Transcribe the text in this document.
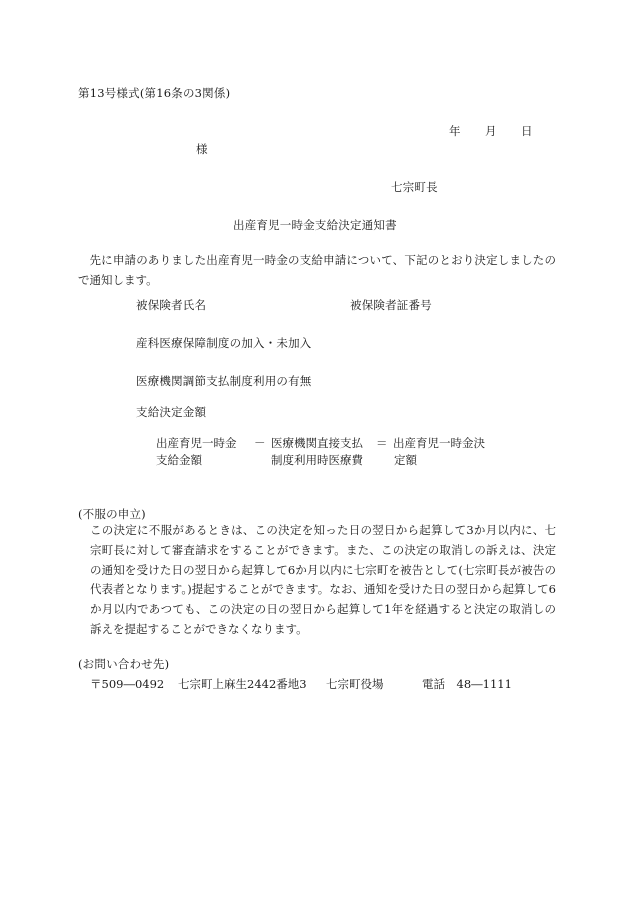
第13号様式(第16条の3関係)

年 月 日

様

七宗町長

出産育児一時金支給決定通知書

先に申請のありました出産育児一時金の支給申請について、下記のとおり決定しましたので通知します。

被保険者氏名	被保険者証番号

産科医療保障制度の加入・未加入

医療機関調節支払制度利用の有無

支給決定金額

出産育児一時金	－ 医療機関直接支払	＝ 出産育児一時金決
支給金額	制度利用時医療費	定額

(不服の申立)

この決定に不服があるときは、この決定を知った日の翌日から起算して3か月以内に、七宗町長に対して審査請求をすることができます。また、この決定の取消しの訴えは、決定の通知を受けた日の翌日から起算して6か月以内に七宗町を被告として(七宗町長が被告の代表者となります。)提起することができます。なお、通知を受けた日の翌日から起算して6か月以内であつても、この決定の日の翌日から起算して1年を経過すると決定の取消しの訴えを提起することができなくなります。

(お問い合わせ先)

〒509―0492 七宗町上麻生2442番地3 七宗町役場	電話　48―1111
